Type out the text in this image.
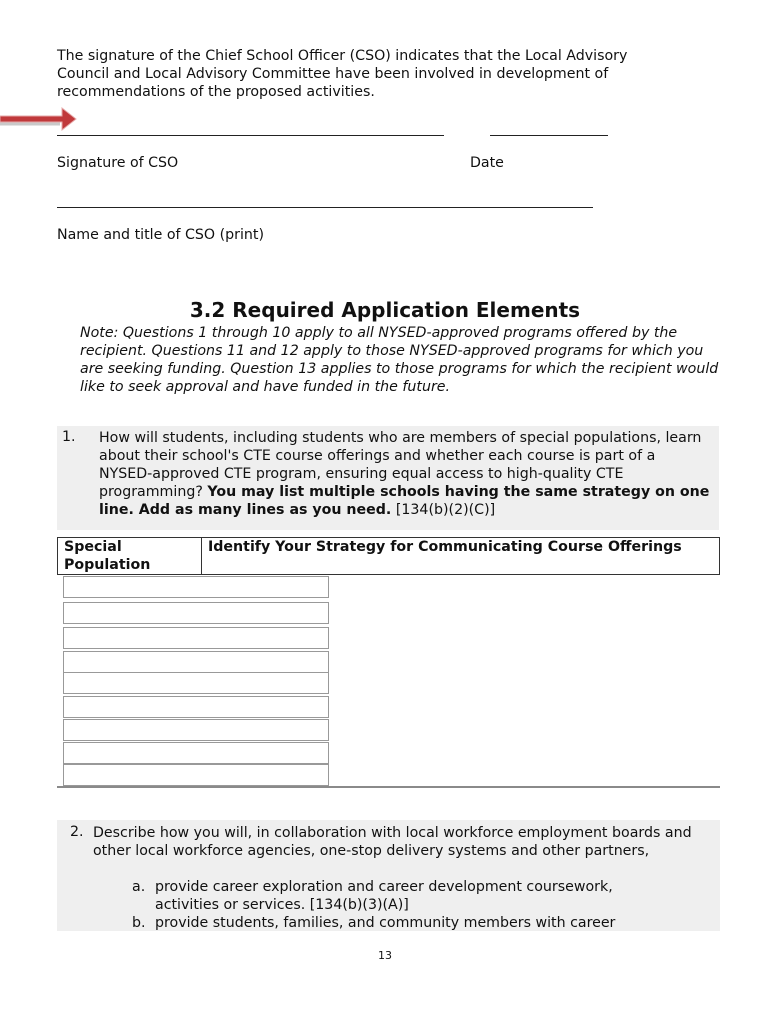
The signature of the Chief School Officer (CSO) indicates that the Local Advisory Council and Local Advisory Committee have been involved in development of recommendations of the proposed activities.
Signature of CSO	Date
Name and title of CSO (print)
3.2 Required Application Elements
Note: Questions 1 through 10 apply to all NYSED-approved programs offered by the recipient. Questions 11 and 12 apply to those NYSED-approved programs for which you are seeking funding. Question 13 applies to those programs for which the recipient would like to seek approval and have funded in the future.
1. How will students, including students who are members of special populations, learn about their school's CTE course offerings and whether each course is part of a NYSED-approved CTE program, ensuring equal access to high-quality CTE programming? You may list multiple schools having the same strategy on one line. Add as many lines as you need. [134(b)(2)(C)]
Special Population	Identify Your Strategy for Communicating Course Offerings
2. Describe how you will, in collaboration with local workforce employment boards and other local workforce agencies, one-stop delivery systems and other partners,
a. provide career exploration and career development coursework, activities or services. [134(b)(3)(A)]
b. provide students, families, and community members with career
13
